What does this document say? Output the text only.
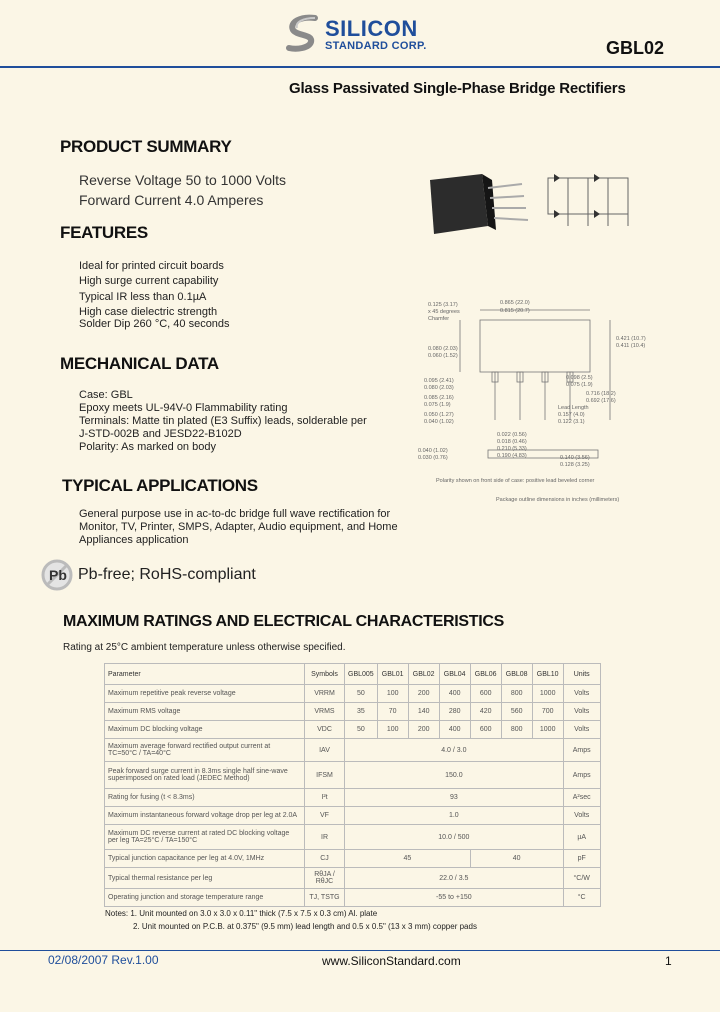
SILICON
STANDARD CORP.	GBL02
Glass Passivated Single-Phase Bridge Rectifiers
PRODUCT SUMMARY
Reverse Voltage 50 to 1000 Volts
Forward Current 4.0 Amperes
FEATURES
Ideal for printed circuit boards
High surge current capability
Typical IR less than 0.1µA
High case dielectric strength
Solder Dip 260 °C, 40 seconds
MECHANICAL DATA
Case: GBL
Epoxy meets UL-94V-0 Flammability rating
Terminals: Matte tin plated (E3 Suffix) leads, solderable per
J-STD-002B and JESD22-B102D
Polarity: As marked on body
TYPICAL APPLICATIONS
General purpose use in ac-to-dc bridge full wave rectification for
Monitor, TV, Printer, SMPS, Adapter, Audio equipment, and Home
Appliances application
Pb Pb-free; RoHS-compliant
0.125 (3.17)
x 45 degrees
Chamfer
0.865 (22.0)
0.815 (20.7)
0.080 (2.03)
0.060 (1.52)
0.421 (10.7)
0.411 (10.4)
0.095 (2.41)
0.080 (2.03)
0.085 (2.16)
0.075 (1.9)
0.098 (2.5)
0.075 (1.9)
0.716 (18.2)
0.692 (17.6)
0.050 (1.27)
0.040 (1.02)
Lead Length
0.157 (4.0)
0.122 (3.1)
0.022 (0.56)
0.018 (0.46)
0.210 (5.33)
0.190 (4.83)
0.040 (1.02)
0.030 (0.76)	0.140 (3.56)
0.128 (3.25)
Polarity shown on front side of case: positive lead beveled corner
Package outline dimensions in inches (millimeters)
MAXIMUM RATINGS AND ELECTRICAL CHARACTERISTICS
Rating at 25°C ambient temperature unless otherwise specified.
Parameter	Symbols	GBL005	GBL01	GBL02	GBL04	GBL06	GBL08	GBL10	Units
Maximum repetitive peak reverse voltage	VRRM	50	100	200	400	600	800	1000	Volts
Maximum RMS voltage	VRMS	35	70	140	280	420	560	700	Volts
Maximum DC blocking voltage	VDC	50	100	200	400	600	800	1000	Volts
Maximum average forward rectified output current at TC=50°C / TA=40°C	IAV	4.0 / 3.0							Amps
Peak forward surge current in 8.3ms single half sine-wave superimposed on rated load (JEDEC Method)	IFSM	150.0							Amps
Rating for fusing (t < 8.3ms)	I²t	93							A²sec
Maximum instantaneous forward voltage drop per leg at 2.0A	VF	1.0							Volts
Maximum DC reverse current at rated DC blocking voltage per leg TA=25°C / TA=150°C	IR	10.0 / 500							µA
Typical junction capacitance per leg at 4.0V, 1MHz	CJ	45				40			pF
Typical thermal resistance per leg	RθJA / RθJC	22.0 / 3.5							°C/W
Operating junction and storage temperature range	TJ, TSTG	-55 to +150							°C
Notes: 1. Unit mounted on 3.0 x 3.0 x 0.11" thick (7.5 x 7.5 x 0.3 cm) Al. plate
2. Unit mounted on P.C.B. at 0.375" (9.5 mm) lead length and 0.5 x 0.5" (13 x 3 mm) copper pads
02/08/2007 Rev.1.00	www.SiliconStandard.com	1
